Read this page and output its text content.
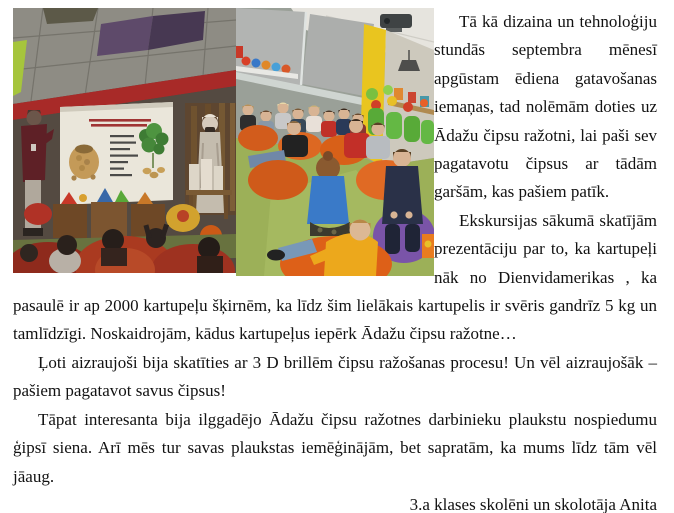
Tā kā dizaina un tehnoloģiju stundās septembra mēnesī apgūstam ēdiena gatavošanas iemaņas, tad nolēmām doties uz Ādažu čipsu ražotni, lai paši sev pagatavotu čipsus ar tādām garšām, kas pašiem patīk.

Ekskursijas sākumā skatījām prezentāciju par to, ka kartupeļi nāk no Dienvidamerikas , ka pasaulē ir ap 2000 kartupeļu šķirnēm, ka līdz šim lielākais kartupelis ir svēris gandrīz 5 kg un tamlīdzīgi. Noskaidrojām, kādus kartupeļus iepērk Ādažu čipsu ražotne…

Ļoti aizraujoši bija skatīties ar 3 D brillēm čipsu ražošanas procesu! Un vēl aizraujošāk – pašiem pagatavot savus čipsus!

Tāpat interesanta bija ilggadējo Ādažu čipsu ražotnes darbinieku plaukstu nospiedumu ģipsī siena. Arī mēs tur savas plaukstas iemēģinājām, bet sapratām, ka mums līdz tām vēl jāaug.

3.a klases skolēni un skolotāja Anita
